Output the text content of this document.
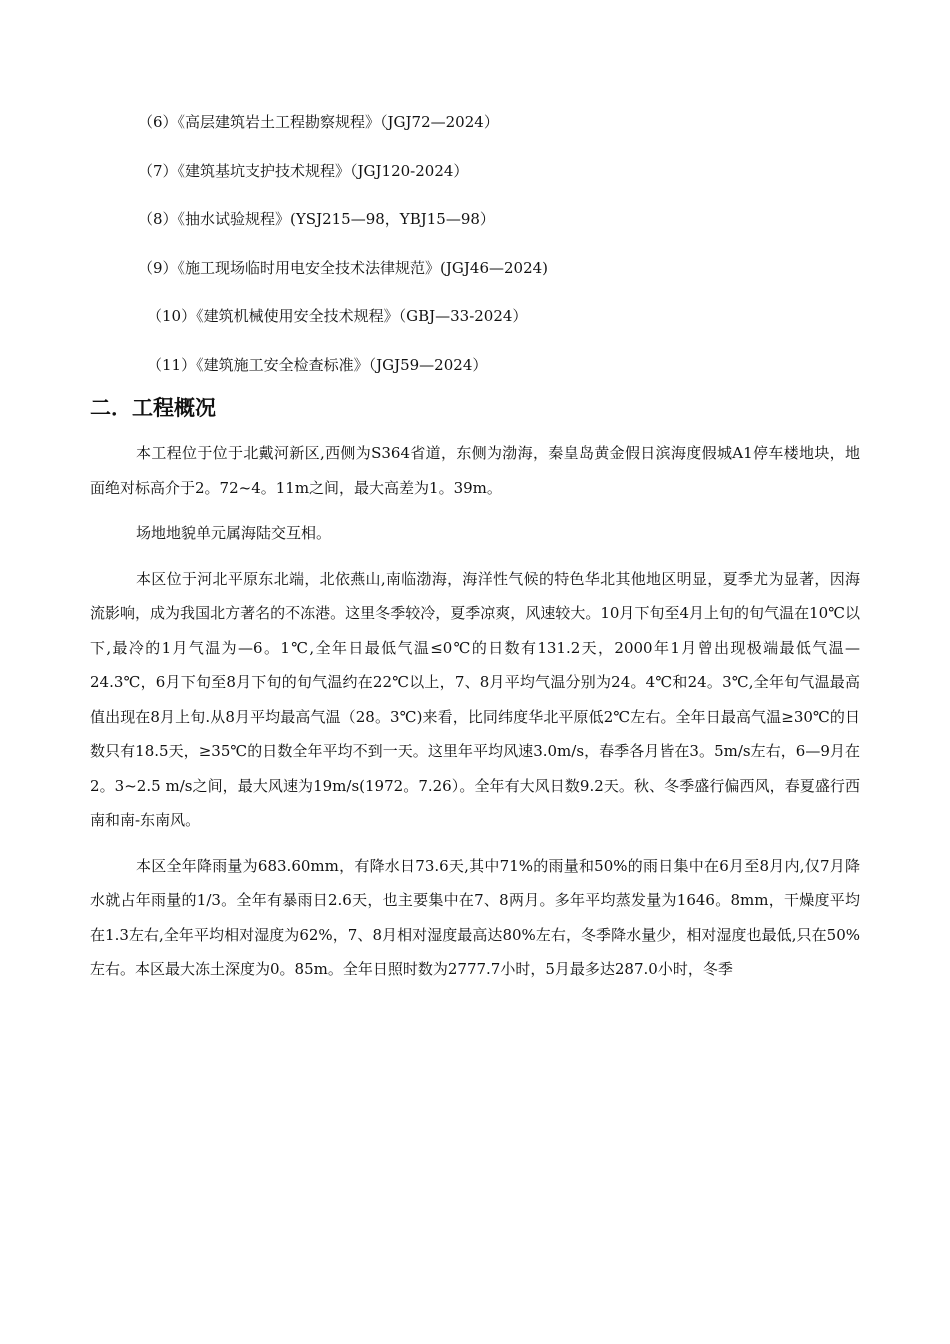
（6）《高层建筑岩土工程勘察规程》（JGJ72—2024）
（7）《建筑基坑支护技术规程》（JGJ120-2024）
（8）《抽水试验规程》(YSJ215—98，YBJ15—98）
（9）《施工现场临时用电安全技术法律规范》(JGJ46—2024)
（10）《建筑机械使用安全技术规程》（GBJ—33-2024）
（11）《建筑施工安全检查标准》（JGJ59—2024）
二．工程概况

本工程位于位于北戴河新区,西侧为S364省道，东侧为渤海，秦皇岛黄金假日滨海度假城A1停车楼地块，地面绝对标高介于2。72~4。11m之间，最大高差为1。39m。

场地地貌单元属海陆交互相。

本区位于河北平原东北端，北依燕山,南临渤海，海洋性气候的特色华北其他地区明显，夏季尤为显著，因海流影响，成为我国北方著名的不冻港。这里冬季较冷，夏季凉爽，风速较大。10月下旬至4月上旬的旬气温在10℃以下,最冷的1月气温为—6。1℃,全年日最低气温≤0℃的日数有131.2天，2000年1月曾出现极端最低气温—24.3℃，6月下旬至8月下旬的旬气温约在22℃以上，7、8月平均气温分别为24。4℃和24。3℃,全年旬气温最高值出现在8月上旬.从8月平均最高气温（28。3℃)来看，比同纬度华北平原低2℃左右。全年日最高气温≥30℃的日数只有18.5天，≥35℃的日数全年平均不到一天。这里年平均风速3.0m/s，春季各月皆在3。5m/s左右，6—9月在2。3~2.5 m/s之间，最大风速为19m/s(1972。7.26）。全年有大风日数9.2天。秋、冬季盛行偏西风，春夏盛行西南和南-东南风。

本区全年降雨量为683.60mm，有降水日73.6天,其中71%的雨量和50%的雨日集中在6月至8月内,仅7月降水就占年雨量的1/3。全年有暴雨日2.6天，也主要集中在7、8两月。多年平均蒸发量为1646。8mm，干燥度平均在1.3左右,全年平均相对湿度为62%，7、8月相对湿度最高达80%左右，冬季降水量少，相对湿度也最低,只在50%左右。本区最大冻土深度为0。85m。全年日照时数为2777.7小时，5月最多达287.0小时，冬季
